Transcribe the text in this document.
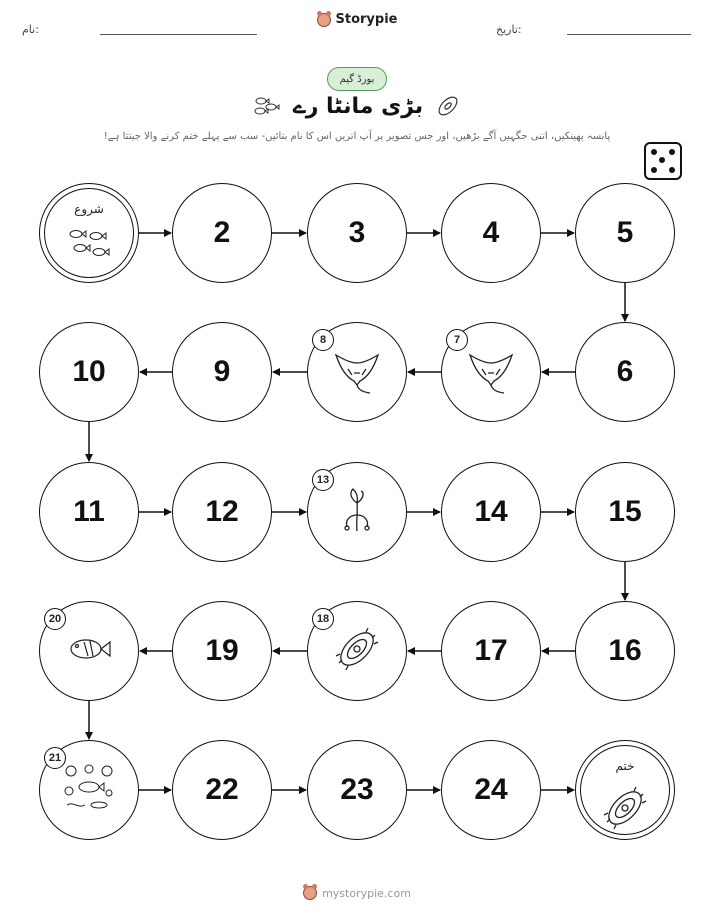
نام:	تاریخ:
Storypie
بورڈ گیم
بڑی مانٹا رے
پانسہ پھینکیں، اتنی جگہیں آگے بڑھیں، اور جس تصویر پر آپ اتریں اس کا نام بتائیں- سب سے پہلے ختم کرنے والا جیتتا ہے!
شروع
2	3	4	5
6
7
8
9
10
11	12
13
14	15
16
17
18
19
20
21
22	23	24
ختم
mystorypie.com
